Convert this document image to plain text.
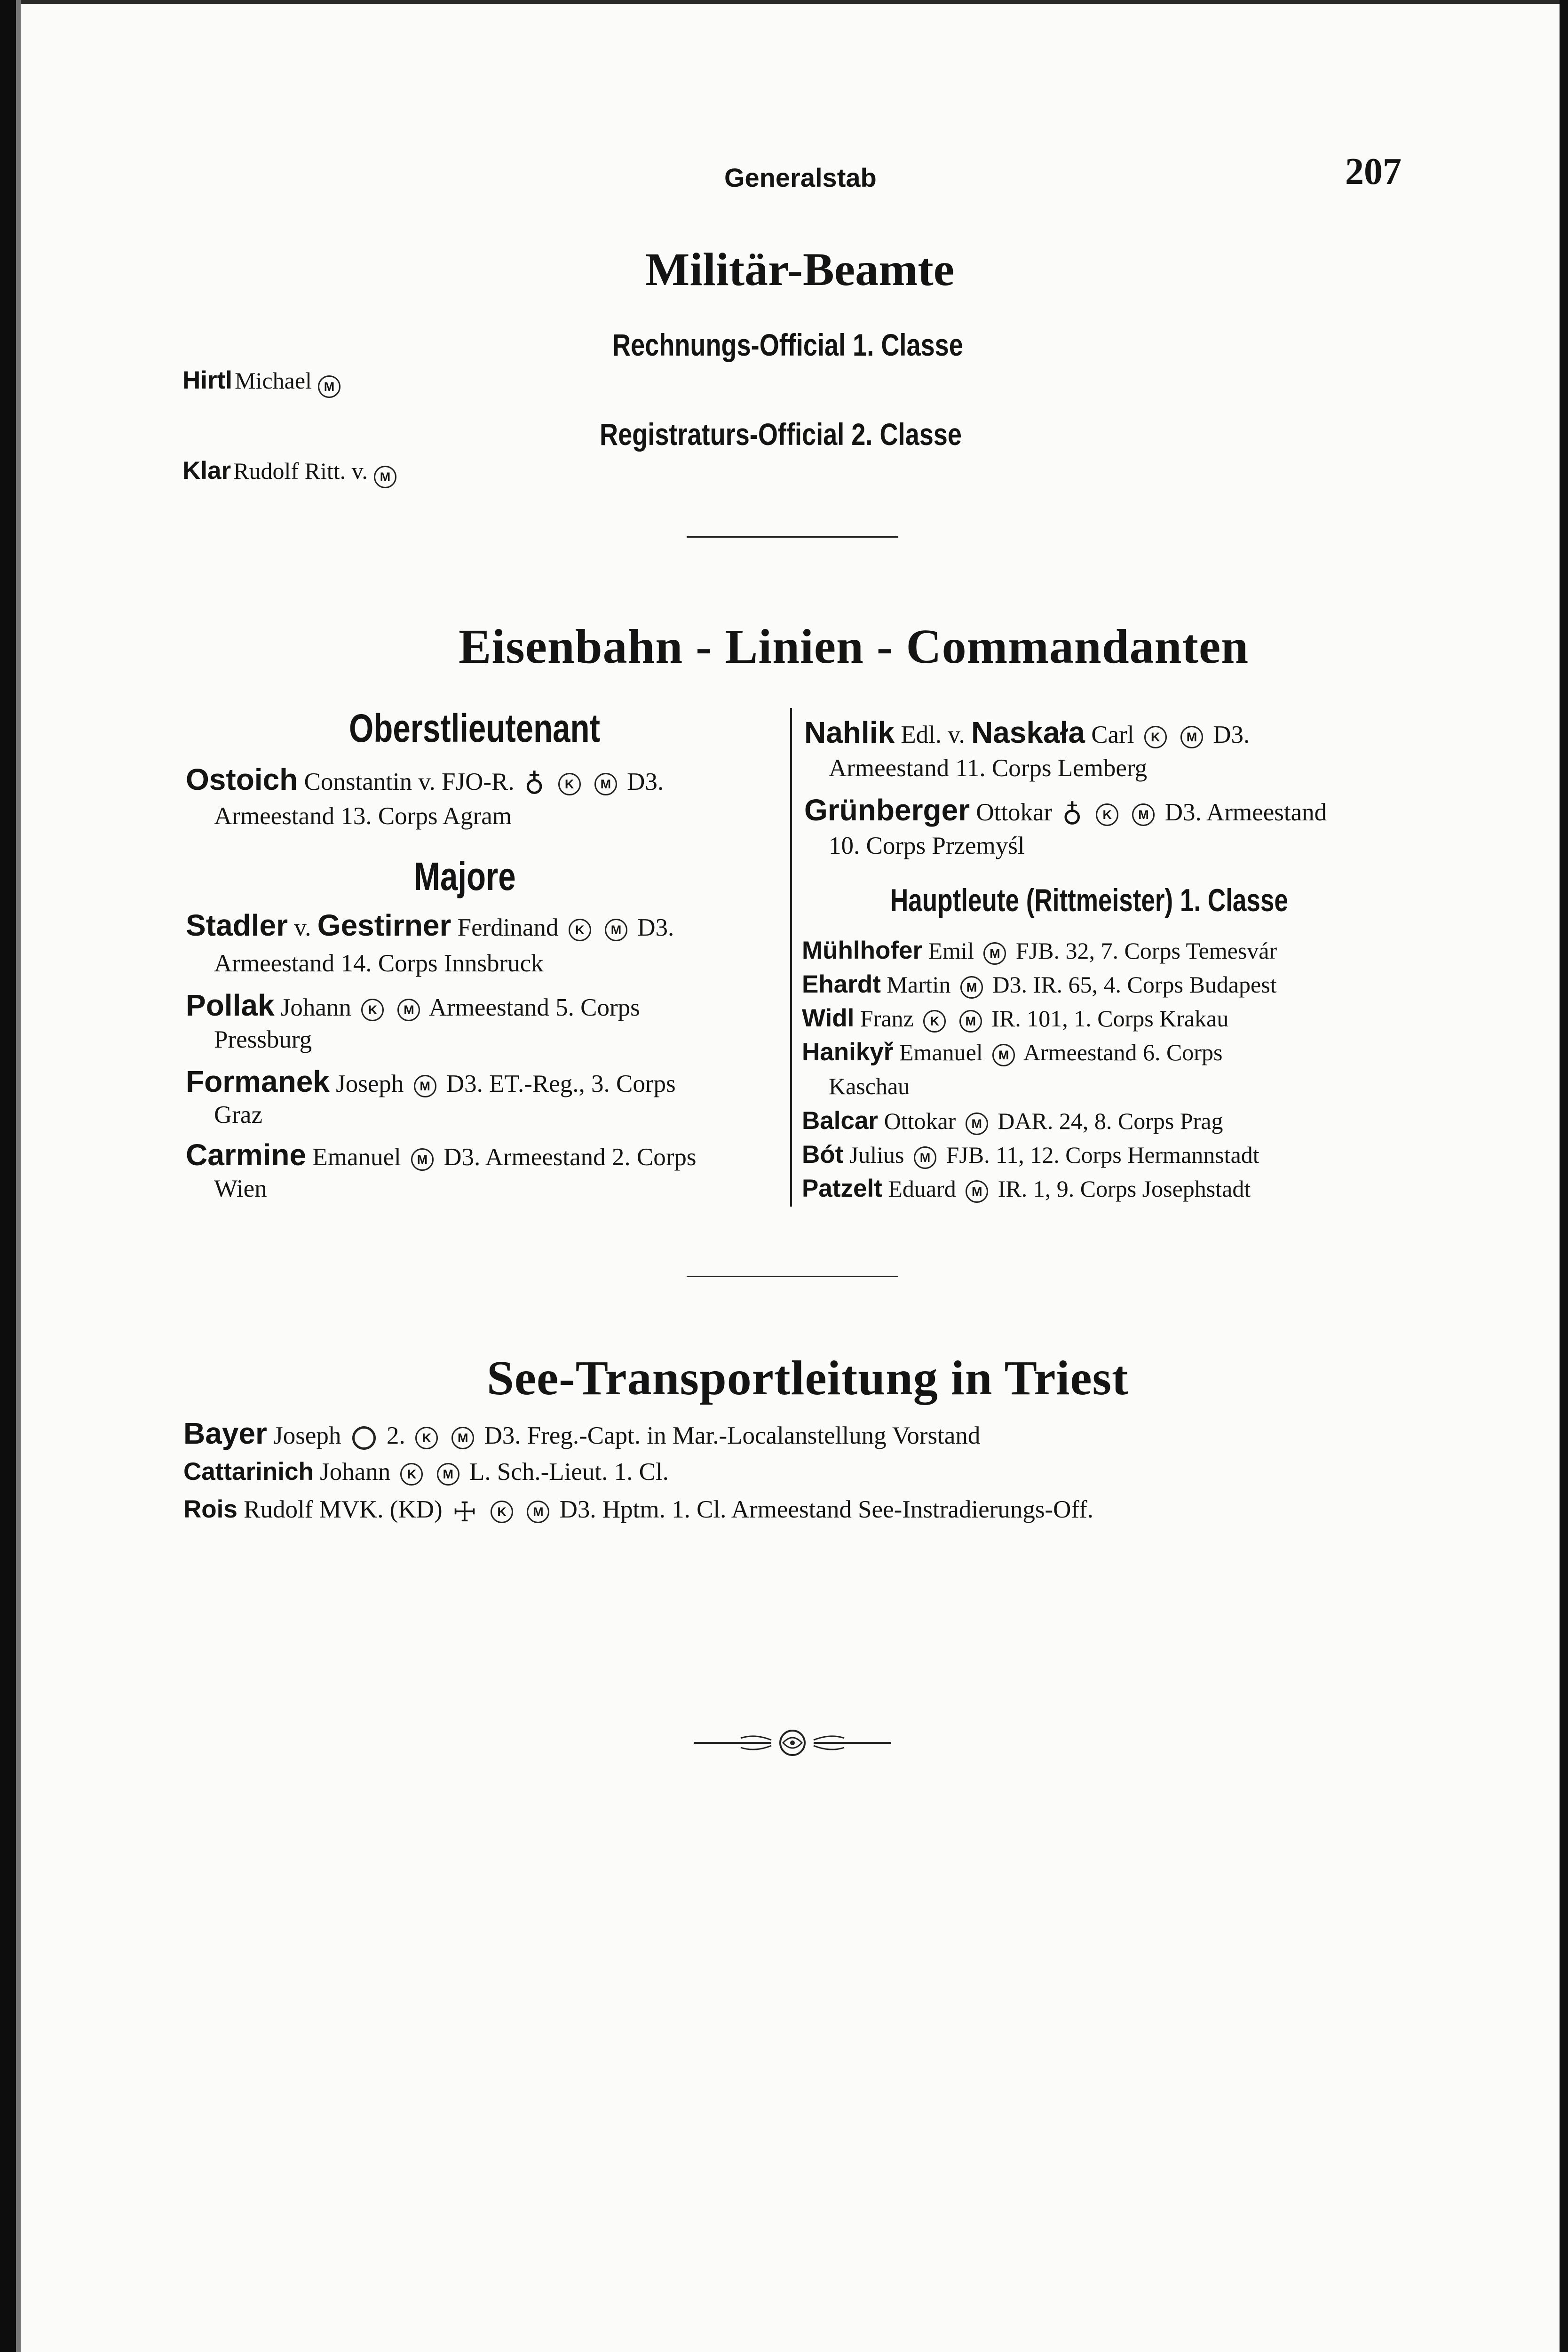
Generalstab	207
Militär-Beamte
Rechnungs-Official 1. Classe
Hirtl Michael M
Registraturs-Official 2. Classe
Klar Rudolf Ritt. v. M
Eisenbahn - Linien - Commandanten
Oberstlieutenant
Ostoich Constantin v. FJO-R. ♁ K M D3.
Armeestand 13. Corps Agram
Majore
Stadler v. Gestirner Ferdinand K M D3.
Armeestand 14. Corps Innsbruck
Pollak Johann K M Armeestand 5. Corps
Pressburg
Formanek Joseph M D3. ET.-Reg., 3. Corps
Graz
Carmine Emanuel M D3. Armeestand 2. Corps
Wien
Nahlik Edl. v. Naskała Carl K M D3.
Armeestand 11. Corps Lemberg
Grünberger Ottokar ♁ K M D3. Armeestand
10. Corps Przemyśl
Hauptleute (Rittmeister) 1. Classe
Mühlhofer Emil M FJB. 32, 7. Corps Temesvár
Ehardt Martin M D3. IR. 65, 4. Corps Budapest
Widl Franz K M IR. 101, 1. Corps Krakau
Hanikyř Emanuel M Armeestand 6. Corps
Kaschau
Balcar Ottokar M DAR. 24, 8. Corps Prag
Bót Julius M FJB. 11, 12. Corps Hermannstadt
Patzelt Eduard M IR. 1, 9. Corps Josephstadt
See-Transportleitung in Triest
Bayer Joseph 2. K M D3. Freg.-Capt. in Mar.-Localanstellung Vorstand
Cattarinich Johann K M L. Sch.-Lieut. 1. Cl.
Rois Rudolf MVK. (KD) ☩ K M D3. Hptm. 1. Cl. Armeestand See-Instradierungs-Off.
